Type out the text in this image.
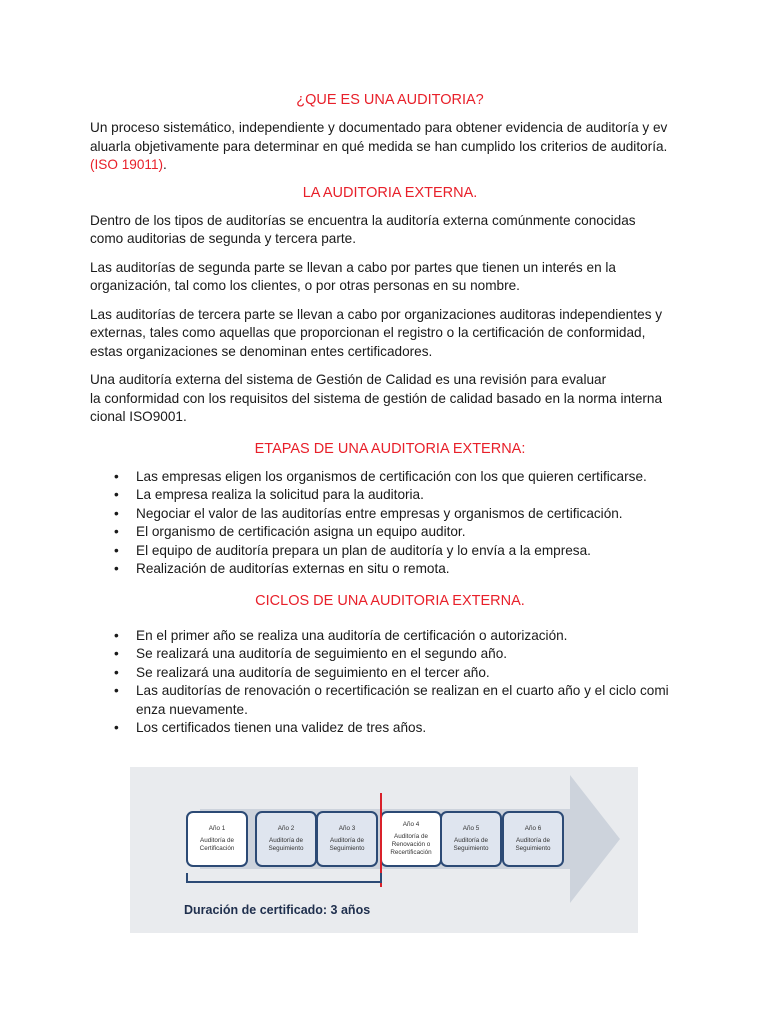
¿QUE ES UNA AUDITORIA?

Un proceso sistemático, independiente y documentado para obtener evidencia de auditoría y ev
aluarla objetivamente para determinar en qué medida se han cumplido los criterios de auditoría.
(ISO 19011).

LA AUDITORIA EXTERNA.

Dentro de los tipos de auditorías se encuentra la auditoría externa comúnmente conocidas
como auditorias de segunda y tercera parte.

Las auditorías de segunda parte se llevan a cabo por partes que tienen un interés en la
organización, tal como los clientes, o por otras personas en su nombre.

Las auditorías de tercera parte se llevan a cabo por organizaciones auditoras independientes y
externas, tales como aquellas que proporcionan el registro o la certificación de conformidad,
estas organizaciones se denominan entes certificadores.

Una auditoría externa del sistema de Gestión de Calidad es una revisión para evaluar
la conformidad con los requisitos del sistema de gestión de calidad basado en la norma interna
cional ISO9001.

ETAPAS DE UNA AUDITORIA EXTERNA:
• Las empresas eligen los organismos de certificación con los que quieren certificarse.
• La empresa realiza la solicitud para la auditoria.
• Negociar el valor de las auditorías entre empresas y organismos de certificación.
• El organismo de certificación asigna un equipo auditor.
• El equipo de auditoría prepara un plan de auditoría y lo envía a la empresa.
• Realización de auditorías externas en situ o remota.
CICLOS DE UNA AUDITORIA EXTERNA.
• En el primer año se realiza una auditoría de certificación o autorización.
• Se realizará una auditoría de seguimiento en el segundo año.
• Se realizará una auditoría de seguimiento en el tercer año.
• Las auditorías de renovación o recertificación se realizan en el cuarto año y el ciclo comi
enza nuevamente.
• Los certificados tienen una validez de tres años.
Año 1
Auditoría de Certificación
Año 2
Auditoría de Seguimiento
Año 3
Auditoría de Seguimiento
Año 4
Auditoría de Renovación o Recertificación
Año 5
Auditoría de Seguimiento
Año 6
Auditoría de Seguimiento
Duración de certificado: 3 años
